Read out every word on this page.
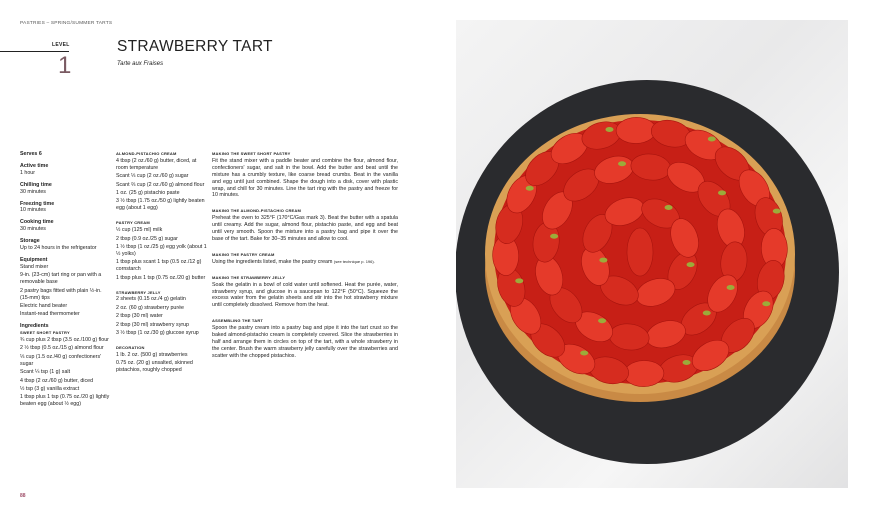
PASTRIES – SPRING/SUMMER TARTS
LEVEL
1
STRAWBERRY TART
Tarte aux Fraises
Serves 6
Active time
1 hour
Chilling time
30 minutes
Freezing time
10 minutes
Cooking time
30 minutes
Storage
Up to 24 hours in the refrigerator
Equipment
Stand mixer
9-in. (23-cm) tart ring or pan with a removable base
2 pastry bags fitted with plain ½-in. (15-mm) tips
Electric hand beater
Instant-read thermometer
Ingredients
SWEET SHORT PASTRY
¾ cup plus 2 tbsp (3.5 oz./100 g) flour
2 ½ tbsp (0.5 oz./15 g) almond flour
⅓ cup (1.5 oz./40 g) confectioners' sugar
Scant ¼ tsp (1 g) salt
4 tbsp (2 oz./60 g) butter, diced
½ tsp (3 g) vanilla extract
1 tbsp plus 1 tsp (0.75 oz./20 g) lightly beaten egg (about ½ egg)
ALMOND-PISTACHIO CREAM
4 tbsp (2 oz./60 g) butter, diced, at room temperature
Scant ⅓ cup (2 oz./60 g) sugar
Scant ⅔ cup (2 oz./60 g) almond flour
1 oz. (25 g) pistachio paste
3 ½ tbsp (1.75 oz./50 g) lightly beaten egg (about 1 egg)
PASTRY CREAM
½ cup (125 ml) milk
2 tbsp (0.9 oz./25 g) sugar
1 ½ tbsp (1 oz./25 g) egg yolk (about 1 ½ yolks)
1 tbsp plus scant 1 tsp (0.5 oz./12 g) cornstarch
1 tbsp plus 1 tsp (0.75 oz./20 g) butter
STRAWBERRY JELLY
2 sheets (0.15 oz./4 g) gelatin
2 oz. (60 g) strawberry purée
2 tbsp (30 ml) water
2 tbsp (30 ml) strawberry syrup
3 ½ tbsp (1 oz./30 g) glucose syrup
DECORATION
1 lb. 2 oz. (500 g) strawberries
0.75 oz. (20 g) unsalted, skinned pistachios, roughly chopped
MAKING THE SWEET SHORT PASTRY
Fit the stand mixer with a paddle beater and combine the flour, almond flour, confectioners' sugar, and salt in the bowl. Add the butter and beat until the mixture has a crumbly texture, like coarse bread crumbs. Beat in the vanilla and egg until just combined. Shape the dough into a disk, cover with plastic wrap, and chill for 30 minutes. Line the tart ring with the pastry and freeze for 10 minutes.
MAKING THE ALMOND-PISTACHIO CREAM
Preheat the oven to 325°F (170°C/Gas mark 3). Beat the butter with a spatula until creamy. Add the sugar, almond flour, pistachio paste, and egg and beat until very smooth. Spoon the mixture into a pastry bag and pipe it over the base of the tart. Bake for 30–35 minutes and allow to cool.
MAKING THE PASTRY CREAM
Using the ingredients listed, make the pastry cream (see technique p. 196).
MAKING THE STRAWBERRY JELLY
Soak the gelatin in a bowl of cold water until softened. Heat the purée, water, strawberry syrup, and glucose in a saucepan to 122°F (50°C). Squeeze the excess water from the gelatin sheets and stir into the hot strawberry mixture until completely dissolved. Remove from the heat.
ASSEMBLING THE TART
Spoon the pastry cream into a pastry bag and pipe it into the tart crust so the baked almond-pistachio cream is completely covered. Slice the strawberries in half and arrange them in circles on top of the tart, with a whole strawberry in the center. Brush the warm strawberry jelly carefully over the strawberries and scatter with the chopped pistachios.
88
